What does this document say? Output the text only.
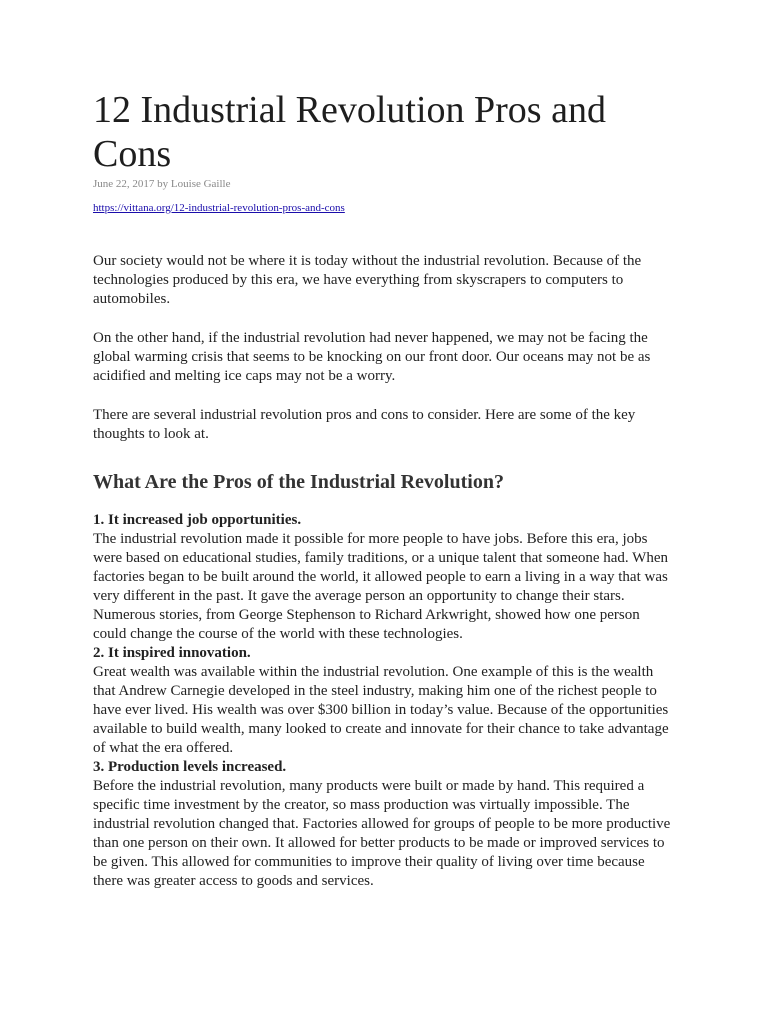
12 Industrial Revolution Pros and Cons
June 22, 2017 by Louise Gaille
https://vittana.org/12-industrial-revolution-pros-and-cons

Our society would not be where it is today without the industrial revolution. Because of the technologies produced by this era, we have everything from skyscrapers to computers to automobiles.

On the other hand, if the industrial revolution had never happened, we may not be facing the global warming crisis that seems to be knocking on our front door. Our oceans may not be as acidified and melting ice caps may not be a worry.

There are several industrial revolution pros and cons to consider. Here are some of the key thoughts to look at.

What Are the Pros of the Industrial Revolution?

1. It increased job opportunities.

The industrial revolution made it possible for more people to have jobs. Before this era, jobs were based on educational studies, family traditions, or a unique talent that someone had. When factories began to be built around the world, it allowed people to earn a living in a way that was very different in the past. It gave the average person an opportunity to change their stars. Numerous stories, from George Stephenson to Richard Arkwright, showed how one person could change the course of the world with these technologies.

2. It inspired innovation.

Great wealth was available within the industrial revolution. One example of this is the wealth that Andrew Carnegie developed in the steel industry, making him one of the richest people to have ever lived. His wealth was over $300 billion in today’s value. Because of the opportunities available to build wealth, many looked to create and innovate for their chance to take advantage of what the era offered.

3. Production levels increased.

Before the industrial revolution, many products were built or made by hand. This required a specific time investment by the creator, so mass production was virtually impossible. The industrial revolution changed that. Factories allowed for groups of people to be more productive than one person on their own. It allowed for better products to be made or improved services to be given. This allowed for communities to improve their quality of living over time because there was greater access to goods and services.
